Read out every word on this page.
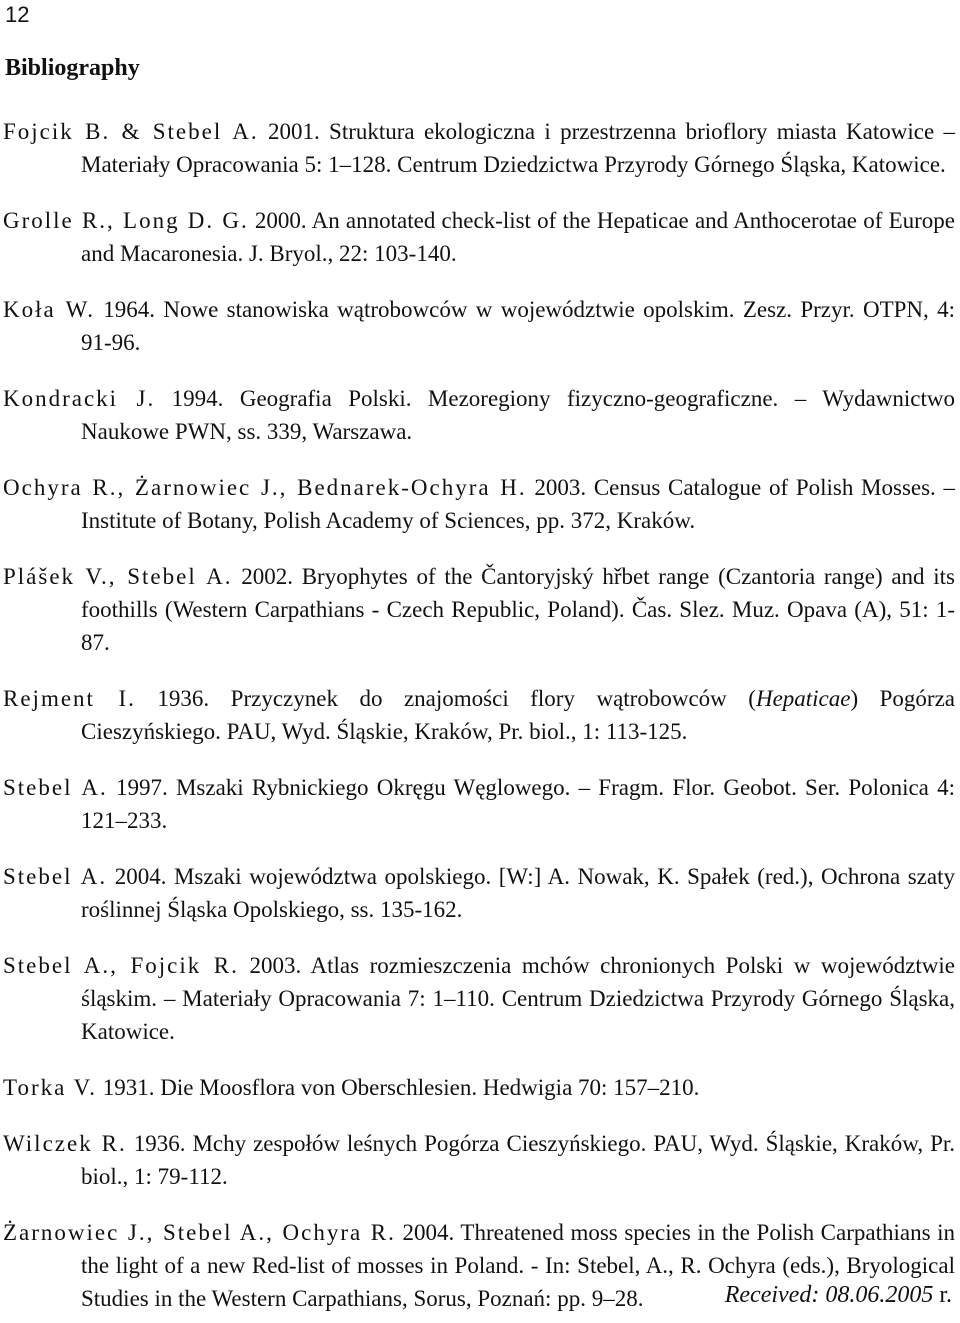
12
Bibliography

Fojcik B. & Stebel A. 2001. Struktura ekologiczna i przestrzenna brioflory miasta Katowice – Materiały Opracowania 5: 1–128. Centrum Dziedzictwa Przyrody Górnego Śląska, Katowice.

Grolle R., Long D. G. 2000. An annotated check-list of the Hepaticae and Anthocerotae of Europe and Macaronesia. J. Bryol., 22: 103-140.

Koła W. 1964. Nowe stanowiska wątrobowców w województwie opolskim. Zesz. Przyr. OTPN, 4: 91-96.

Kondracki J. 1994. Geografia Polski. Mezoregiony fizyczno-geograficzne. – Wydawnictwo Naukowe PWN, ss. 339, Warszawa.

Ochyra R., Żarnowiec J., Bednarek-Ochyra H. 2003. Census Catalogue of Polish Mosses. – Institute of Botany, Polish Academy of Sciences, pp. 372, Kraków.

Plášek V., Stebel A. 2002. Bryophytes of the Čantoryjský hřbet range (Czantoria range) and its foothills (Western Carpathians - Czech Republic, Poland). Čas. Slez. Muz. Opava (A), 51: 1-87.

Rejment I. 1936. Przyczynek do znajomości flory wątrobowców (Hepaticae) Pogórza Cieszyńskiego. PAU, Wyd. Śląskie, Kraków, Pr. biol., 1: 113-125.

Stebel A. 1997. Mszaki Rybnickiego Okręgu Węglowego. – Fragm. Flor. Geobot. Ser. Polonica 4: 121–233.

Stebel A. 2004. Mszaki województwa opolskiego. [W:] A. Nowak, K. Spałek (red.), Ochrona szaty roślinnej Śląska Opolskiego, ss. 135-162.

Stebel A., Fojcik R. 2003. Atlas rozmieszczenia mchów chronionych Polski w województwie śląskim. – Materiały Opracowania 7: 1–110. Centrum Dziedzictwa Przyrody Górnego Śląska, Katowice.

Torka V. 1931. Die Moosflora von Oberschlesien. Hedwigia 70: 157–210.

Wilczek R. 1936. Mchy zespołów leśnych Pogórza Cieszyńskiego. PAU, Wyd. Śląskie, Kraków, Pr. biol., 1: 79-112.

Żarnowiec J., Stebel A., Ochyra R. 2004. Threatened moss species in the Polish Carpathians in the light of a new Red-list of mosses in Poland. - In: Stebel, A., R. Ochyra (eds.), Bryological Studies in the Western Carpathians, Sorus, Poznań: pp. 9–28.	Received: 08.06.2005 r.
